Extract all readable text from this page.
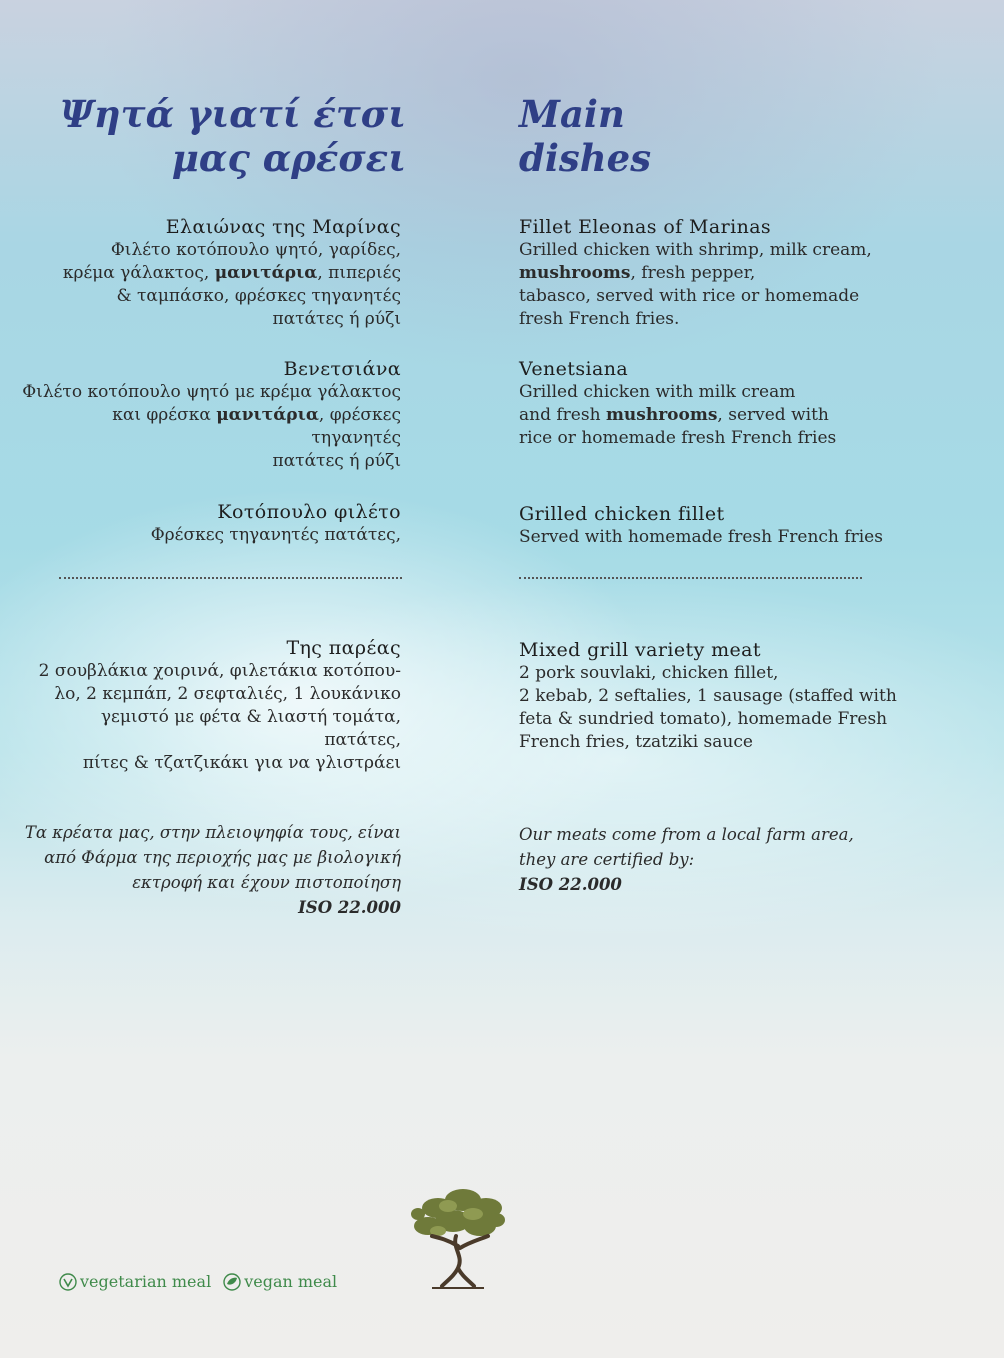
Ψητά γιατί έτσι
μας αρέσει
Main
dishes
Ελαιώνας της Μαρίνας
Φιλέτο κοτόπουλο ψητό, γαρίδες,
κρέμα γάλακτος, μανιτάρια, πιπεριές
& ταμπάσκο, φρέσκες τηγανητές
πατάτες ή ρύζι
Βενετσιάνα
Φιλέτο κοτόπουλο ψητό με κρέμα γάλακτος
και φρέσκα μανιτάρια, φρέσκες τηγανητές
πατάτες ή ρύζι
Κοτόπουλο φιλέτο
Φρέσκες τηγανητές πατάτες,
Της παρέας
2 σουβλάκια χοιρινά, φιλετάκια κοτόπου-
λο, 2 κεμπάπ, 2 σεφταλιές, 1 λουκάνικο
γεμιστό με φέτα & λιαστή τομάτα, πατάτες,
πίτες & τζατζικάκι για να γλιστράει
Fillet Eleonas of Marinas
Grilled chicken with shrimp, milk cream,
mushrooms, fresh pepper,
tabasco, served with rice or homemade
fresh French fries.
Venetsiana
Grilled chicken with milk cream
and fresh mushrooms, served with
rice or homemade fresh French fries
Grilled chicken fillet
Served with homemade fresh French fries
Mixed grill variety meat
2 pork souvlaki, chicken fillet,
2 kebab, 2 seftalies, 1 sausage (staffed with
feta & sundried tomato), homemade Fresh
French fries, tzatziki sauce
Τα κρέατα μας, στην πλειοψηφία τους, είναι
από Φάρμα της περιοχής μας με βιολογική
εκτροφή και έχουν πιστοποίηση
ISO 22.000
Our meats come from a local farm area,
they are certified by:
ISO 22.000
vegetarian meal vegan meal
